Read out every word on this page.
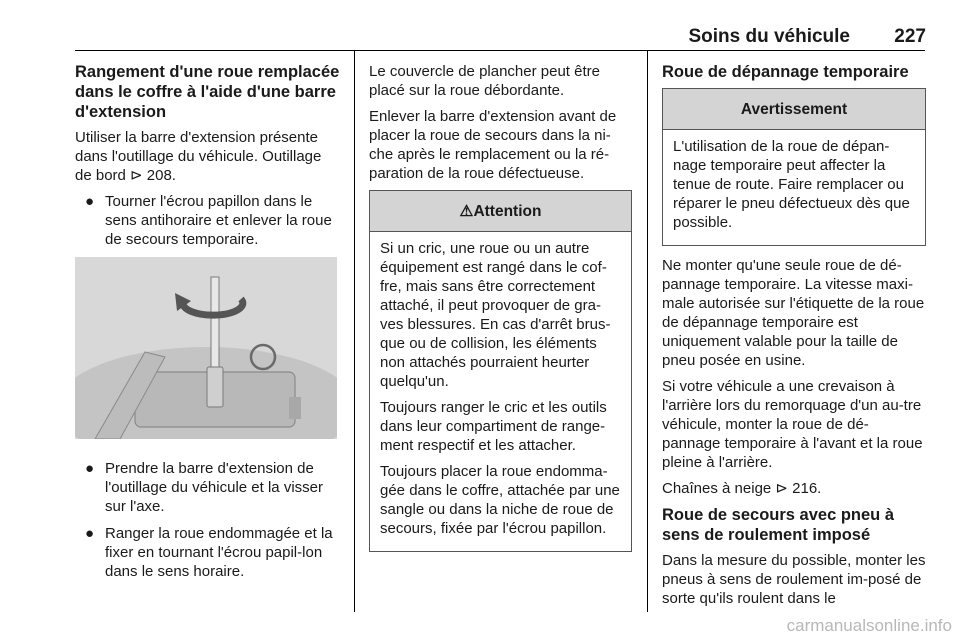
Soins du véhicule	227
Rangement d'une roue remplacée dans le coffre à l'aide d'une barre d'extension

Utiliser la barre d'extension présente dans l'outillage du véhicule. Outillage de bord ⊳ 208.

● Tourner l'écrou papillon dans le sens antihoraire et enlever la roue de secours temporaire.
● Prendre la barre d'extension de l'outillage du véhicule et la visser sur l'axe.
● Ranger la roue endommagée et la fixer en tournant l'écrou papil-lon dans le sens horaire.

Le couvercle de plancher peut être placé sur la roue débordante.

Enlever la barre d'extension avant de placer la roue de secours dans la ni-che après le remplacement ou la ré-paration de la roue défectueuse.

⚠ Attention

Si un cric, une roue ou un autre équipement est rangé dans le cof-fre, mais sans être correctement attaché, il peut provoquer de gra-ves blessures. En cas d'arrêt brus-que ou de collision, les éléments non attachés pourraient heurter quelqu'un.

Toujours ranger le cric et les outils dans leur compartiment de range-ment respectif et les attacher.

Toujours placer la roue endomma-gée dans le coffre, attachée par une sangle ou dans la niche de roue de secours, fixée par l'écrou papillon.

Roue de dépannage temporaire
Avertissement

L'utilisation de la roue de dépan-nage temporaire peut affecter la tenue de route. Faire remplacer ou réparer le pneu défectueux dès que possible.

Ne monter qu'une seule roue de dé-pannage temporaire. La vitesse maxi-male autorisée sur l'étiquette de la roue de dépannage temporaire est uniquement valable pour la taille de pneu posée en usine.

Si votre véhicule a une crevaison à l'arrière lors du remorquage d'un au-tre véhicule, monter la roue de dé-pannage temporaire à l'avant et la roue pleine à l'arrière.

Chaînes à neige ⊳ 216.

Roue de secours avec pneu à sens de roulement imposé

Dans la mesure du possible, monter les pneus à sens de roulement im-posé de sorte qu'ils roulent dans le

carmanualsonline.info
